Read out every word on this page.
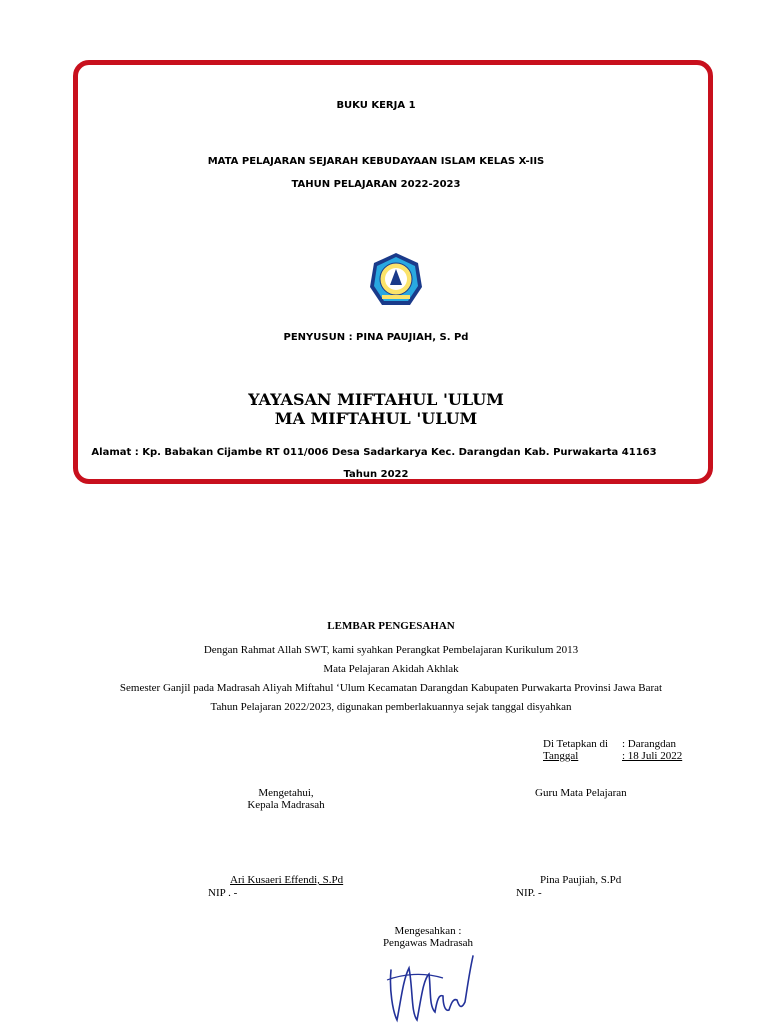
BUKU KERJA 1
MATA PELAJARAN SEJARAH KEBUDAYAAN ISLAM KELAS X-IIS
TAHUN PELAJARAN 2022-2023
PENYUSUN : PINA PAUJIAH, S. Pd
YAYASAN MIFTAHUL 'ULUM
MA MIFTAHUL 'ULUM
Alamat : Kp. Babakan Cijambe RT 011/006 Desa Sadarkarya Kec. Darangdan Kab. Purwakarta 41163
Tahun 2022
LEMBAR PENGESAHAN
Dengan Rahmat Allah SWT, kami syahkan Perangkat Pembelajaran Kurikulum 2013
Mata Pelajaran Akidah Akhlak
Semester Ganjil pada Madrasah Aliyah Miftahul ‘Ulum Kecamatan Darangdan Kabupaten Purwakarta Provinsi Jawa Barat
Tahun Pelajaran 2022/2023, digunakan pemberlakuannya sejak tanggal disyahkan
Di Tetapkan di : Darangdan
Tanggal	: 18 Juli 2022
Mengetahui,
Kepala Madrasah
Ari Kusaeri Effendi, S.Pd
NIP . -
Guru Mata Pelajaran
Pina Paujiah, S.Pd
NIP. -
Mengesahkan :
Pengawas Madrasah
